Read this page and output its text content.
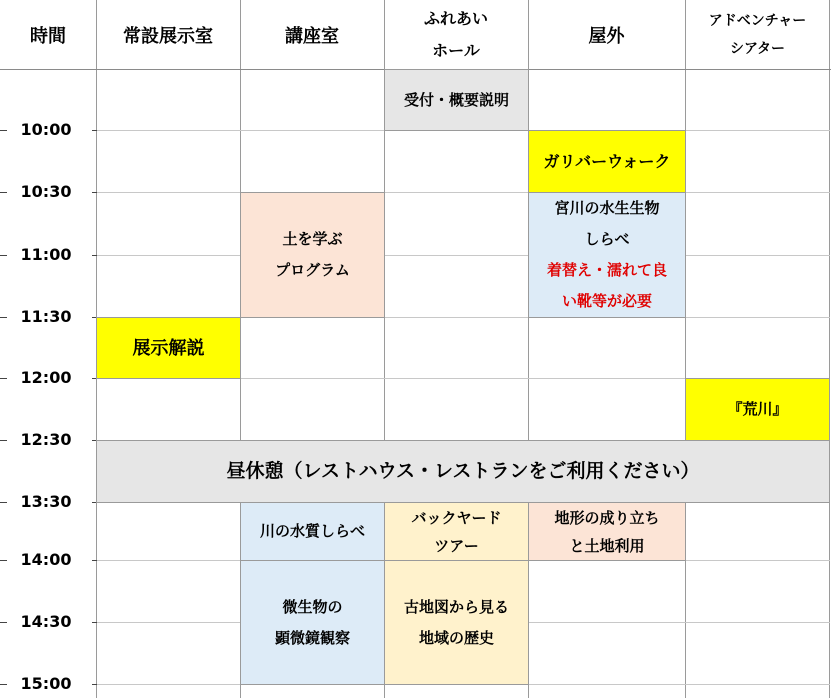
時間	常設展示室	講座室
ふれあい
ホール
屋外
アドベンチャー
シアター
10:00
10:30
11:00
11:30
12:00
12:30
13:30
14:00
14:30
15:00
受付・概要説明
ガリバーウォーク
宮川の水生生物
しらべ
着替え・濡れて良
い靴等が必要
土を学ぶ
プログラム
展示解説
『荒川』
昼休憩（レストハウス・レストランをご利用ください）
川の水質しらべ
バックヤード
ツアー
地形の成り立ち
と土地利用
微生物の
顕微鏡観察
古地図から見る
地域の歴史
